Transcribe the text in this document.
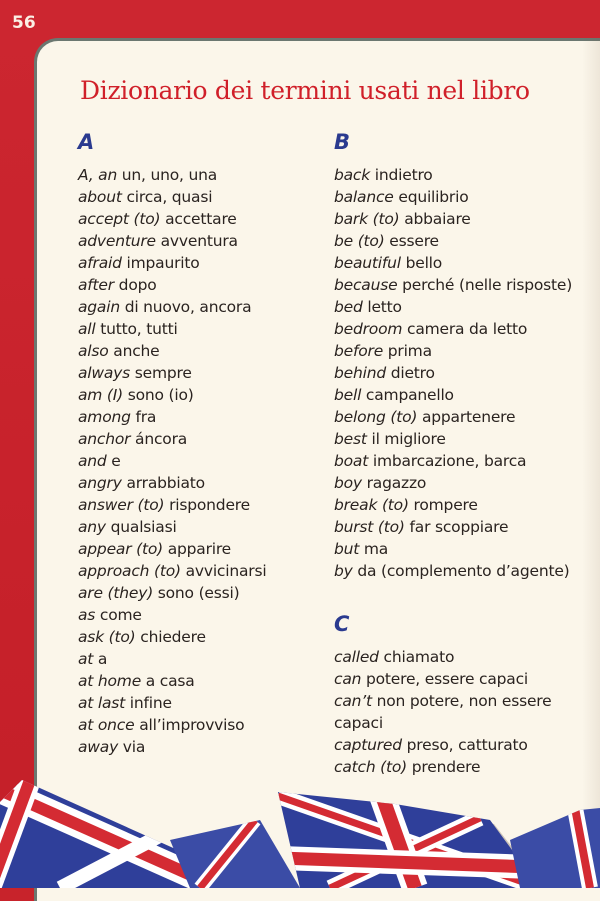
56
Dizionario dei termini usati nel libro
A
A, an un, uno, una
about circa, quasi
accept (to) accettare
adventure avventura
afraid impaurito
after dopo
again di nuovo, ancora
all tutto, tutti
also anche
always sempre
am (I) sono (io)
among fra
anchor áncora
and e
angry arrabbiato
answer (to) rispondere
any qualsiasi
appear (to) apparire
approach (to) avvicinarsi
are (they) sono (essi)
as come
ask (to) chiedere
at a
at home a casa
at last infine
at once all’improvviso
away via
B
back indietro
balance equilibrio
bark (to) abbaiare
be (to) essere
beautiful bello
because perché (nelle risposte)
bed letto
bedroom camera da letto
before prima
behind dietro
bell campanello
belong (to) appartenere
best il migliore
boat imbarcazione, barca
boy ragazzo
break (to) rompere
burst (to) far scoppiare
but ma
by da (complemento d’agente)
C
called chiamato
can potere, essere capaci
can’t non potere, non essere
capaci
captured preso, catturato
catch (to) prendere
